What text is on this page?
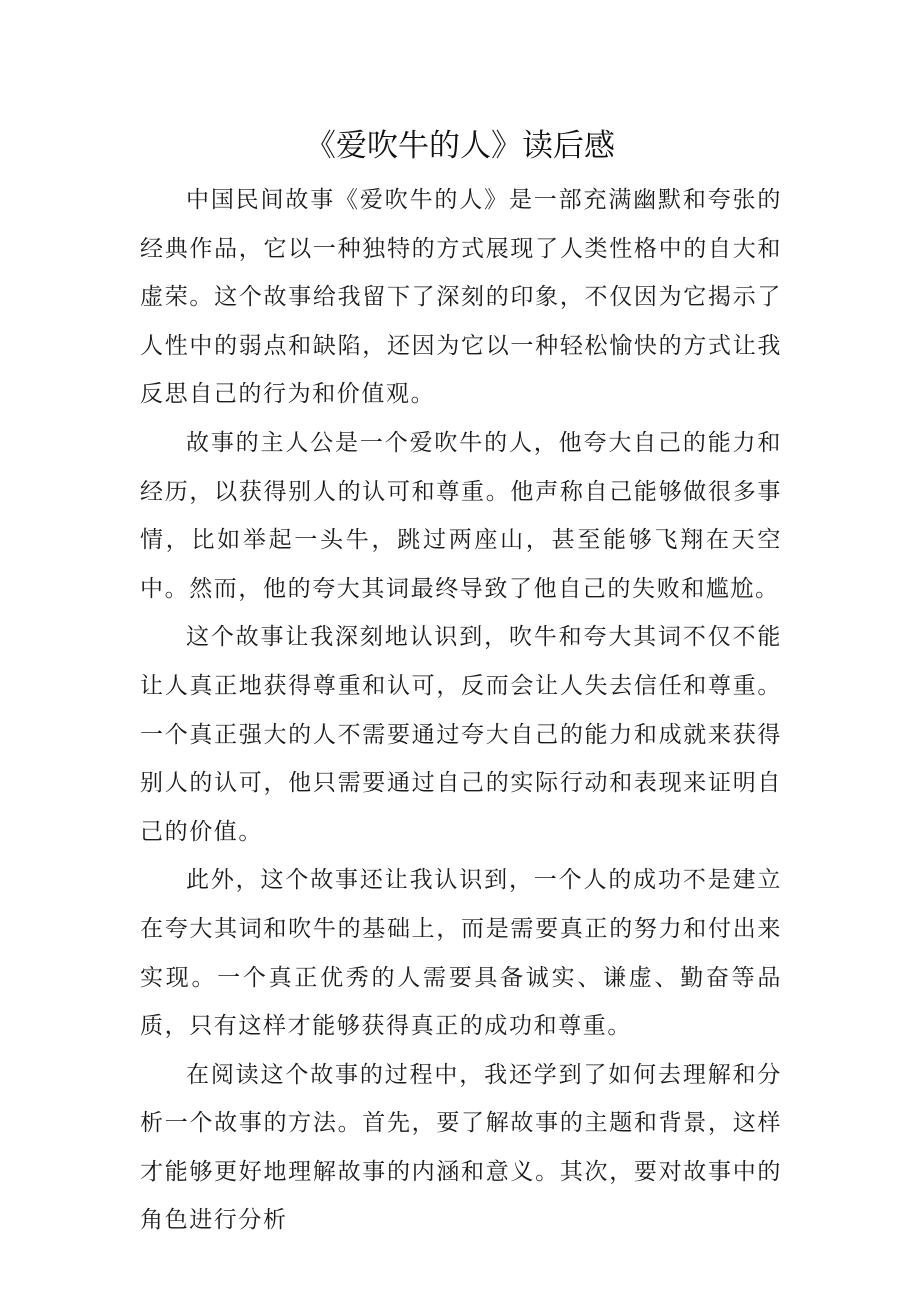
《爱吹牛的人》读后感

中国民间故事《爱吹牛的人》是一部充满幽默和夸张的经典作品，它以一种独特的方式展现了人类性格中的自大和虚荣。这个故事给我留下了深刻的印象，不仅因为它揭示了人性中的弱点和缺陷，还因为它以一种轻松愉快的方式让我反思自己的行为和价值观。

故事的主人公是一个爱吹牛的人，他夸大自己的能力和经历，以获得别人的认可和尊重。他声称自己能够做很多事情，比如举起一头牛，跳过两座山，甚至能够飞翔在天空中。然而，他的夸大其词最终导致了他自己的失败和尴尬。

这个故事让我深刻地认识到，吹牛和夸大其词不仅不能让人真正地获得尊重和认可，反而会让人失去信任和尊重。一个真正强大的人不需要通过夸大自己的能力和成就来获得别人的认可，他只需要通过自己的实际行动和表现来证明自己的价值。

此外，这个故事还让我认识到，一个人的成功不是建立在夸大其词和吹牛的基础上，而是需要真正的努力和付出来实现。一个真正优秀的人需要具备诚实、谦虚、勤奋等品质，只有这样才能够获得真正的成功和尊重。

在阅读这个故事的过程中，我还学到了如何去理解和分析一个故事的方法。首先，要了解故事的主题和背景，这样才能够更好地理解故事的内涵和意义。其次，要对故事中的角色进行分析
